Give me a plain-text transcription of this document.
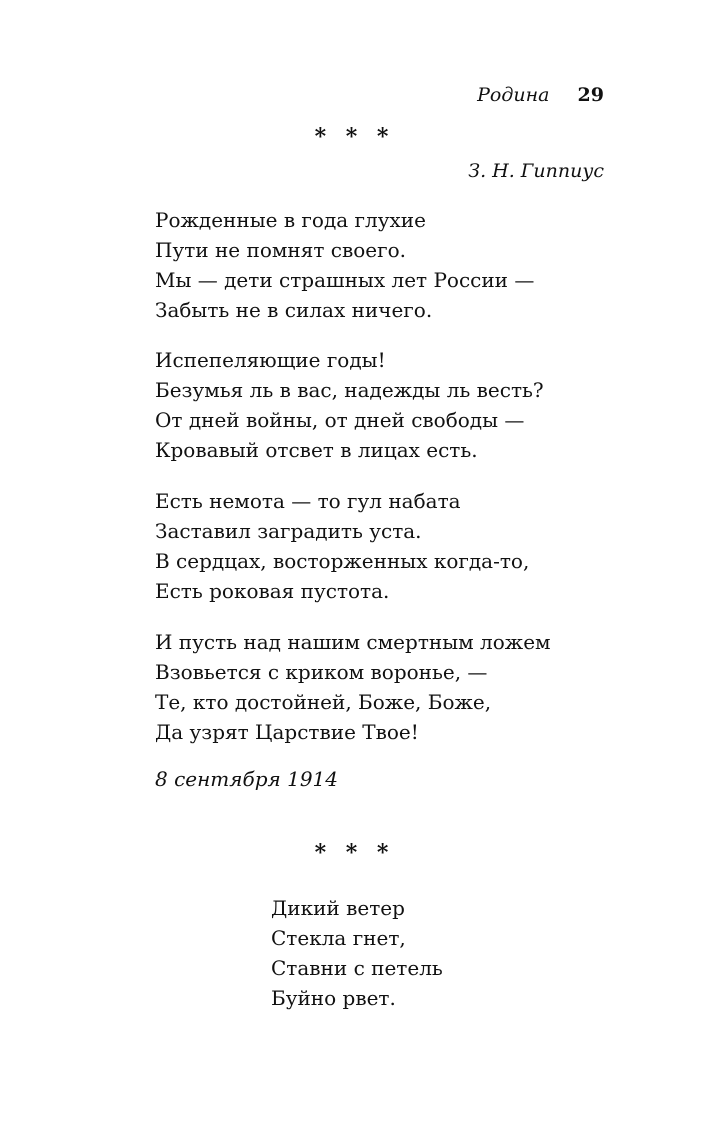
Родина 29
* * *
З. Н. Гиппиус
Рожденные в года глухие
Пути не помнят своего.
Мы — дети страшных лет России —
Забыть не в силах ничего.
Испепеляющие годы!
Безумья ль в вас, надежды ль весть?
От дней войны, от дней свободы —
Кровавый отсвет в лицах есть.
Есть немота — то гул набата
Заставил заградить уста.
В сердцах, восторженных когда-то,
Есть роковая пустота.
И пусть над нашим смертным ложем
Взовьется с криком воронье, —
Те, кто достойней, Боже, Боже,
Да узрят Царствие Твое!
8 сентября 1914
* * *
Дикий ветер
Стекла гнет,
Ставни с петель
Буйно рвет.
